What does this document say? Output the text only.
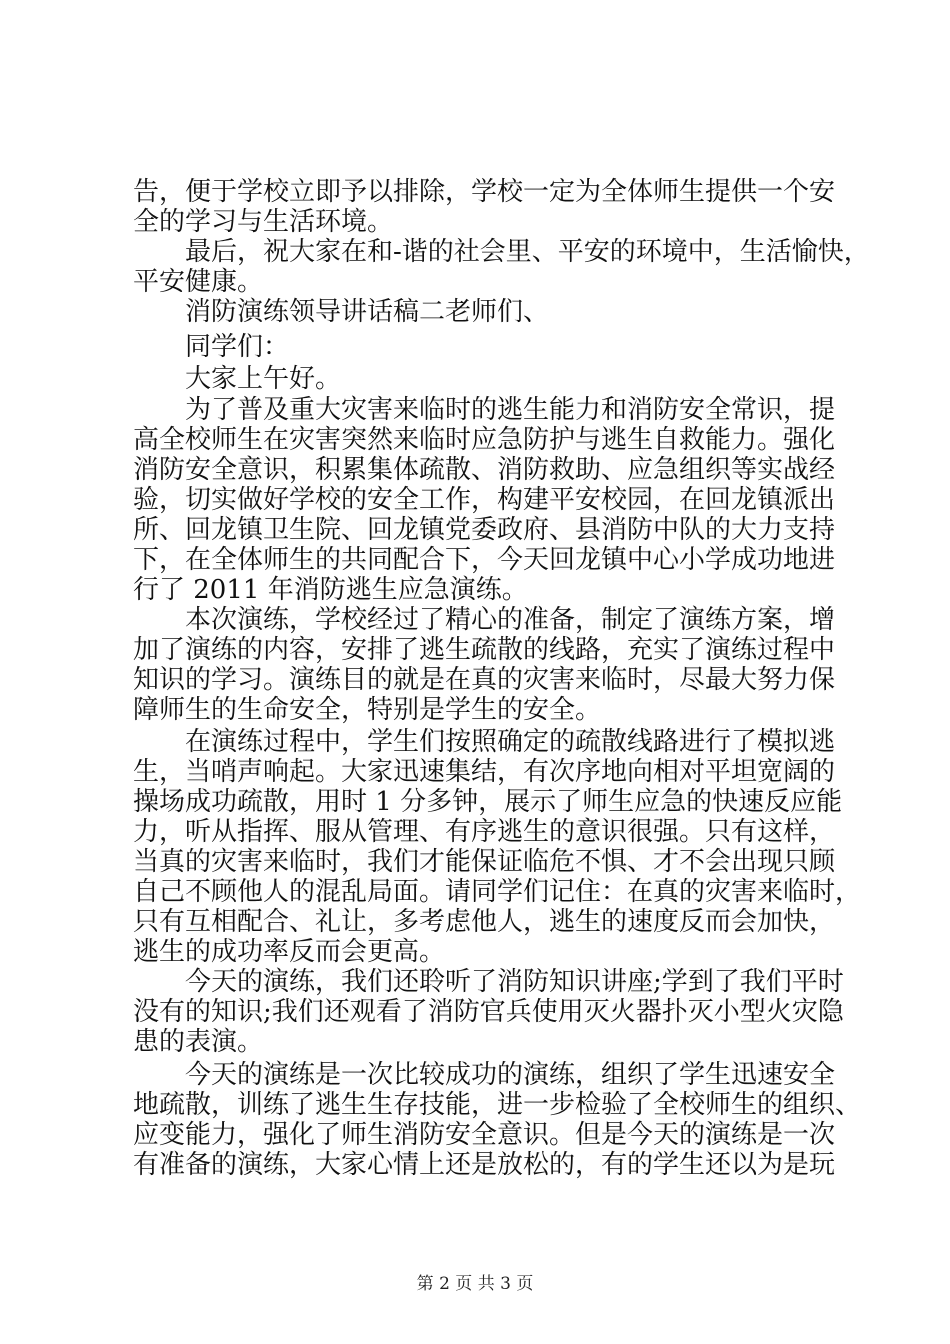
告，便于学校立即予以排除，学校一定为全体师生提供一个安
全的学习与生活环境。
最后，祝大家在和-谐的社会里、平安的环境中，生活愉快，
平安健康。
消防演练领导讲话稿二老师们、
同学们：
大家上午好。
为了普及重大灾害来临时的逃生能力和消防安全常识，提
高全校师生在灾害突然来临时应急防护与逃生自救能力。强化
消防安全意识，积累集体疏散、消防救助、应急组织等实战经
验，切实做好学校的安全工作，构建平安校园，在回龙镇派出
所、回龙镇卫生院、回龙镇党委政府、县消防中队的大力支持
下，在全体师生的共同配合下，今天回龙镇中心小学成功地进
行了 2011 年消防逃生应急演练。
本次演练，学校经过了精心的准备，制定了演练方案，增
加了演练的内容，安排了逃生疏散的线路，充实了演练过程中
知识的学习。演练目的就是在真的灾害来临时，尽最大努力保
障师生的生命安全，特别是学生的安全。
在演练过程中，学生们按照确定的疏散线路进行了模拟逃
生，当哨声响起。大家迅速集结，有次序地向相对平坦宽阔的
操场成功疏散，用时 1 分多钟，展示了师生应急的快速反应能
力，听从指挥、服从管理、有序逃生的意识很强。只有这样，
当真的灾害来临时，我们才能保证临危不惧、才不会出现只顾
自己不顾他人的混乱局面。请同学们记住：在真的灾害来临时，
只有互相配合、礼让，多考虑他人，逃生的速度反而会加快，
逃生的成功率反而会更高。
今天的演练，我们还聆听了消防知识讲座;学到了我们平时
没有的知识;我们还观看了消防官兵使用灭火器扑灭小型火灾隐
患的表演。
今天的演练是一次比较成功的演练，组织了学生迅速安全
地疏散，训练了逃生生存技能，进一步检验了全校师生的组织、
应变能力，强化了师生消防安全意识。但是今天的演练是一次
有准备的演练，大家心情上还是放松的，有的学生还以为是玩
第 2 页 共 3 页
